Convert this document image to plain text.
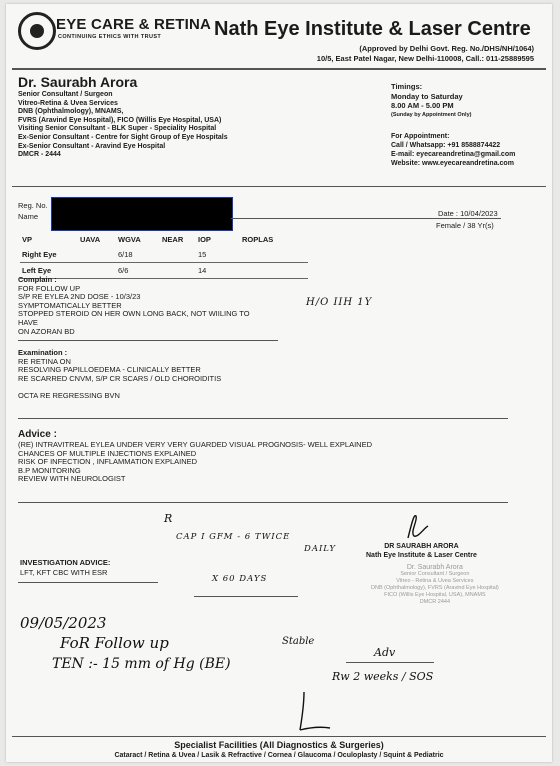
EYE CARE & RETINA
CONTINUING ETHICS WITH TRUST	Nath Eye Institute & Laser Centre
(Approved by Delhi Govt. Reg. No./DHS/NH/1064)
10/5, East Patel Nagar, New Delhi-110008, Call.: 011-25889595
Dr. Saurabh Arora
Senior Consultant / Surgeon
Vitreo-Retina & Uvea Services
DNB (Ophthalmology), MNAMS,
FVRS (Aravind Eye Hospital), FICO (Willis Eye Hospital, USA)
Visiting Senior Consultant - BLK Super - Speciality Hospital
Ex-Senior Consultant - Centre for Sight Group of Eye Hospitals
Ex-Senior Consultant - Aravind Eye Hospital
DMCR - 2444
Timings:
Monday to Saturday
8.00 AM - 5.00 PM
(Sunday by Appointment Only)
For Appointment:
Call / Whatsapp: +91 8588874422
E-mail: eyecareandretina@gmail.com
Website: www.eyecareandretina.com
Reg. No.
Name	Date : 10/04/2023
Female / 38 Yr(s)
VP	UAVA	WGVA	NEAR	IOP	ROPLAS
Right Eye		6/18		15	
Left Eye		6/6		14	
Complain :
FOR FOLLOW UP
S/P RE EYLEA 2ND DOSE - 10/3/23
SYMPTOMATICALLY BETTER
STOPPED STEROID ON HER OWN LONG BACK, NOT WIILING TO
HAVE
ON AZORAN BD
H/O IIH 1Y
Examination :
RE RETINA ON
RESOLVING PAPILLOEDEMA - CLINICALLY BETTER
RE SCARRED CNVM, S/P CR SCARS / OLD CHOROIDITIS
OCTA RE REGRESSING BVN
Advice :
(RE) INTRAVITREAL EYLEA UNDER VERY VERY GUARDED VISUAL PROGNOSIS- WELL EXPLAINED
CHANCES OF MULTIPLE INJECTIONS EXPLAINED
RISK OF INFECTION , INFLAMMATION EXPLAINED
B.P MONITORING
REVIEW WITH NEUROLOGIST
R
CAP I GFM - 6 TWICE
DAILY
X 60 DAYS
INVESTIGATION ADVICE:
LFT, KFT CBC WITH ESR
DR SAURABH ARORA
Nath Eye Institute & Laser Centre
Dr. Saurabh Arora
Senior Consultant / Surgeon
Vitreo - Retina & Uvea Services
DNB (Ophthalmology), FVRS (Aravind Eye Hospital)
FICO (Willis Eye Hospital, USA), MNAMS
DMCR 2444
09/05/2023
FoR Follow up
TEN :- 15 mm of Hg (BE)
Stable
Adv
Rw 2 weeks / SOS
Specialist Facilities (All Diagnostics & Surgeries)
Cataract / Retina & Uvea / Lasik & Refractive / Cornea / Glaucoma / Oculoplasty / Squint & Pediatric
